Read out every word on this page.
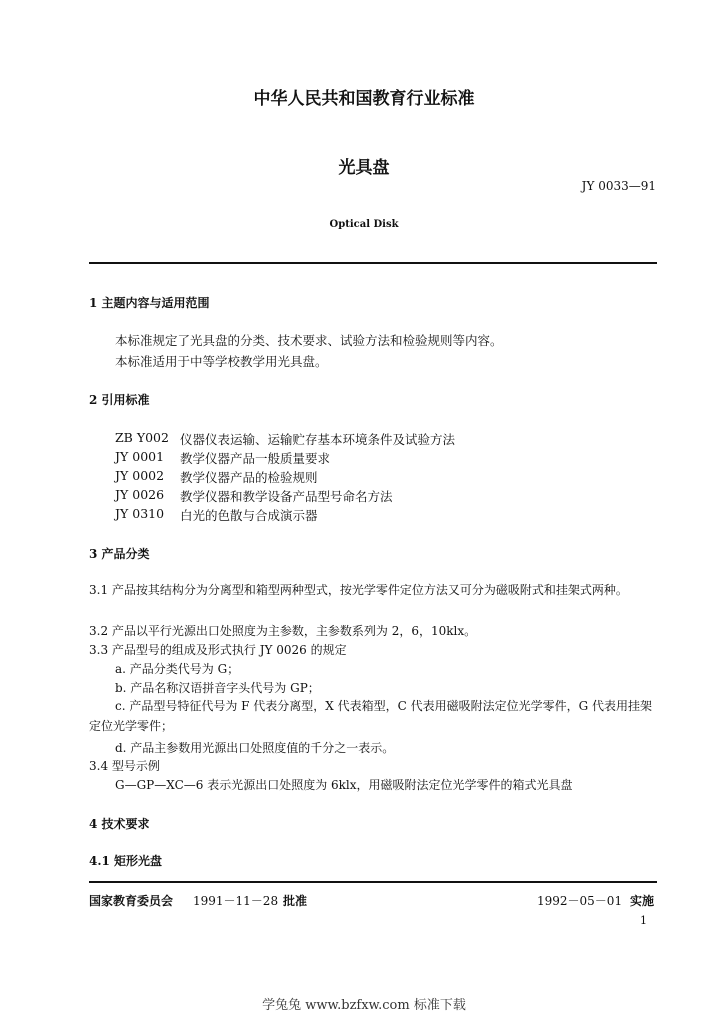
中华人民共和国教育行业标准
光具盘
JY 0033—91
Optical Disk
1 主题内容与适用范围
本标准规定了光具盘的分类、技术要求、试验方法和检验规则等内容。
本标准适用于中等学校教学用光具盘。
2 引用标准
ZB Y002 仪器仪表运输、运输贮存基本环境条件及试验方法
JY 0001 教学仪器产品一般质量要求
JY 0002 教学仪器产品的检验规则
JY 0026 教学仪器和教学设备产品型号命名方法
JY 0310 白光的色散与合成演示器
3 产品分类
3.1 产品按其结构分为分离型和箱型两种型式，按光学零件定位方法又可分为磁吸附式和挂架式两种。
3.2 产品以平行光源出口处照度为主参数，主参数系列为 2，6，10klx。
3.3 产品型号的组成及形式执行 JY 0026 的规定
a. 产品分类代号为 G；
b. 产品名称汉语拼音字头代号为 GP；
c. 产品型号特征代号为 F 代表分离型，X 代表箱型，C 代表用磁吸附法定位光学零件，G 代表用挂架定位光学零件；
d. 产品主参数用光源出口处照度值的千分之一表示。
3.4 型号示例
G—GP—XC—6 表示光源出口处照度为 6klx，用磁吸附法定位光学零件的箱式光具盘
4 技术要求
4.1 矩形光盘
国家教育委员会 1991－11－28 批准	1992－05－01 实施
1
学兔兔 www.bzfxw.com 标准下载
